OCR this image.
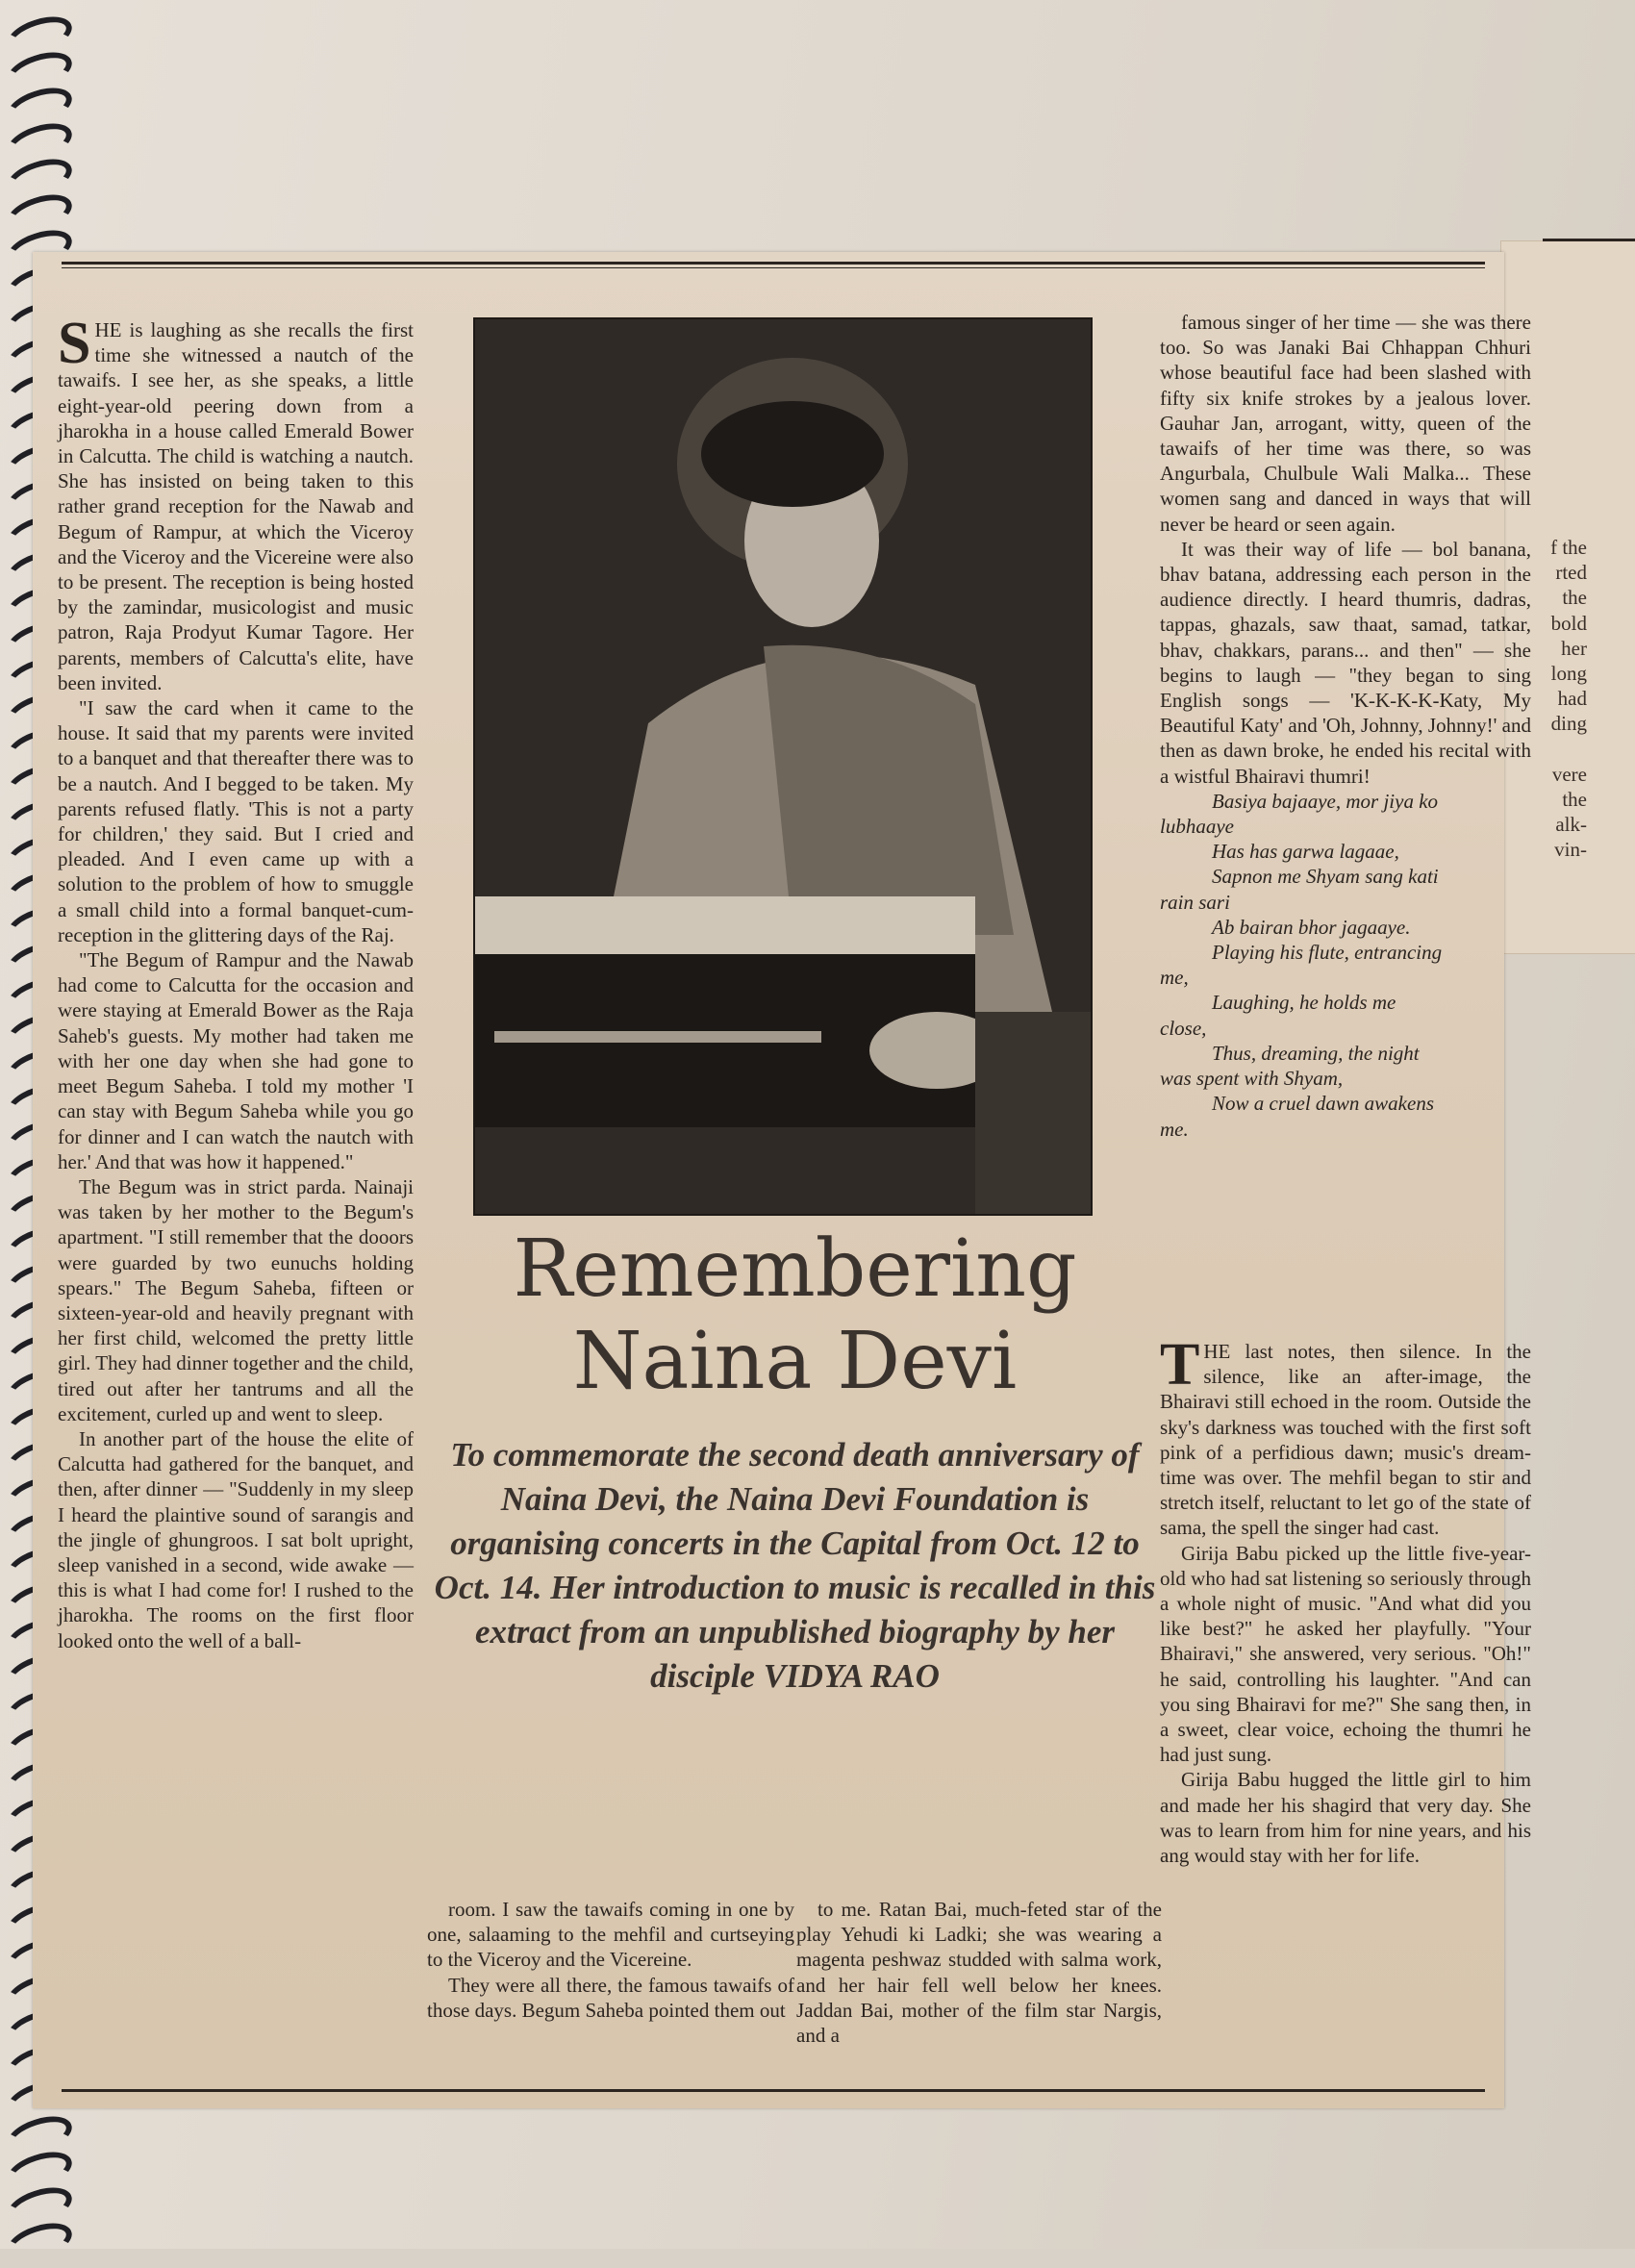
f the
rted
the
bold
her
long
had
ding
vere
the
alk-
vin-

SHE is laughing as she recalls the first time she witnessed a nautch of the tawaifs. I see her, as she speaks, a little eight-year-old peering down from a jharokha in a house called Emerald Bower in Calcutta. The child is watching a nautch. She has insisted on being taken to this rather grand reception for the Nawab and Begum of Rampur, at which the Viceroy and the Viceroy and the Vicereine were also to be present. The reception is being hosted by the zamindar, musicologist and music patron, Raja Prodyut Kumar Tagore. Her parents, members of Calcutta's elite, have been invited.

"I saw the card when it came to the house. It said that my parents were invited to a banquet and that thereafter there was to be a nautch. And I begged to be taken. My parents refused flatly. 'This is not a party for children,' they said. But I cried and pleaded. And I even came up with a solution to the problem of how to smuggle a small child into a formal banquet-cum-reception in the glittering days of the Raj.

"The Begum of Rampur and the Nawab had come to Calcutta for the occasion and were staying at Emerald Bower as the Raja Saheb's guests. My mother had taken me with her one day when she had gone to meet Begum Saheba. I told my mother 'I can stay with Begum Saheba while you go for dinner and I can watch the nautch with her.' And that was how it happened."

The Begum was in strict parda. Nainaji was taken by her mother to the Begum's apartment. "I still remember that the dooors were guarded by two eunuchs holding spears." The Begum Saheba, fifteen or sixteen-year-old and heavily pregnant with her first child, welcomed the pretty little girl. They had dinner together and the child, tired out after her tantrums and all the excitement, curled up and went to sleep.

In another part of the house the elite of Calcutta had gathered for the banquet, and then, after dinner — "Suddenly in my sleep I heard the plaintive sound of sarangis and the jingle of ghungroos. I sat bolt upright, sleep vanished in a second, wide awake — this is what I had come for! I rushed to the jharokha. The rooms on the first floor looked onto the well of a ball-

Remembering
Naina Devi
To commemorate the second death anniversary of Naina Devi, the Naina Devi Foundation is organising concerts in the Capital from Oct. 12 to Oct. 14. Her introduction to music is recalled in this extract from an unpublished biography by her disciple VIDYA RAO

room. I saw the tawaifs coming in one by one, salaaming to the mehfil and curtseying to the Viceroy and the Vicereine.

They were all there, the famous tawaifs of those days. Begum Saheba pointed them out

to me. Ratan Bai, much-feted star of the play Yehudi ki Ladki; she was wearing a magenta peshwaz studded with salma work, and her hair fell well below her knees. Jaddan Bai, mother of the film star Nargis, and a

famous singer of her time — she was there too. So was Janaki Bai Chhappan Chhuri whose beautiful face had been slashed with fifty six knife strokes by a jealous lover. Gauhar Jan, arrogant, witty, queen of the tawaifs of her time was there, so was Angurbala, Chulbule Wali Malka... These women sang and danced in ways that will never be heard or seen again.

It was their way of life — bol banana, bhav batana, addressing each person in the audience directly. I heard thumris, dadras, tappas, ghazals, saw thaat, samad, tatkar, bhav, chakkars, parans... and then" — she begins to laugh — "they began to sing English songs — 'K-K-K-K-Katy, My Beautiful Katy' and 'Oh, Johnny, Johnny!' and then as dawn broke, he ended his recital with a wistful Bhairavi thumri!

Basiya bajaaye, mor jiya ko
lubhaaye
Has has garwa lagaae,
Sapnon me Shyam sang kati
rain sari
Ab bairan bhor jagaaye.
Playing his flute, entrancing
me,
Laughing, he holds me
close,
Thus, dreaming, the night
was spent with Shyam,
Now a cruel dawn awakens
me.

THE last notes, then silence. In the silence, like an after-image, the Bhairavi still echoed in the room. Outside the sky's darkness was touched with the first soft pink of a perfidious dawn; music's dream-time was over. The mehfil began to stir and stretch itself, reluctant to let go of the state of sama, the spell the singer had cast.

Girija Babu picked up the little five-year-old who had sat listening so seriously through a whole night of music. "And what did you like best?" he asked her playfully. "Your Bhairavi," she answered, very serious. "Oh!" he said, controlling his laughter. "And can you sing Bhairavi for me?" She sang then, in a sweet, clear voice, echoing the thumri he had just sung.

Girija Babu hugged the little girl to him and made her his shagird that very day. She was to learn from him for nine years, and his ang would stay with her for life.
